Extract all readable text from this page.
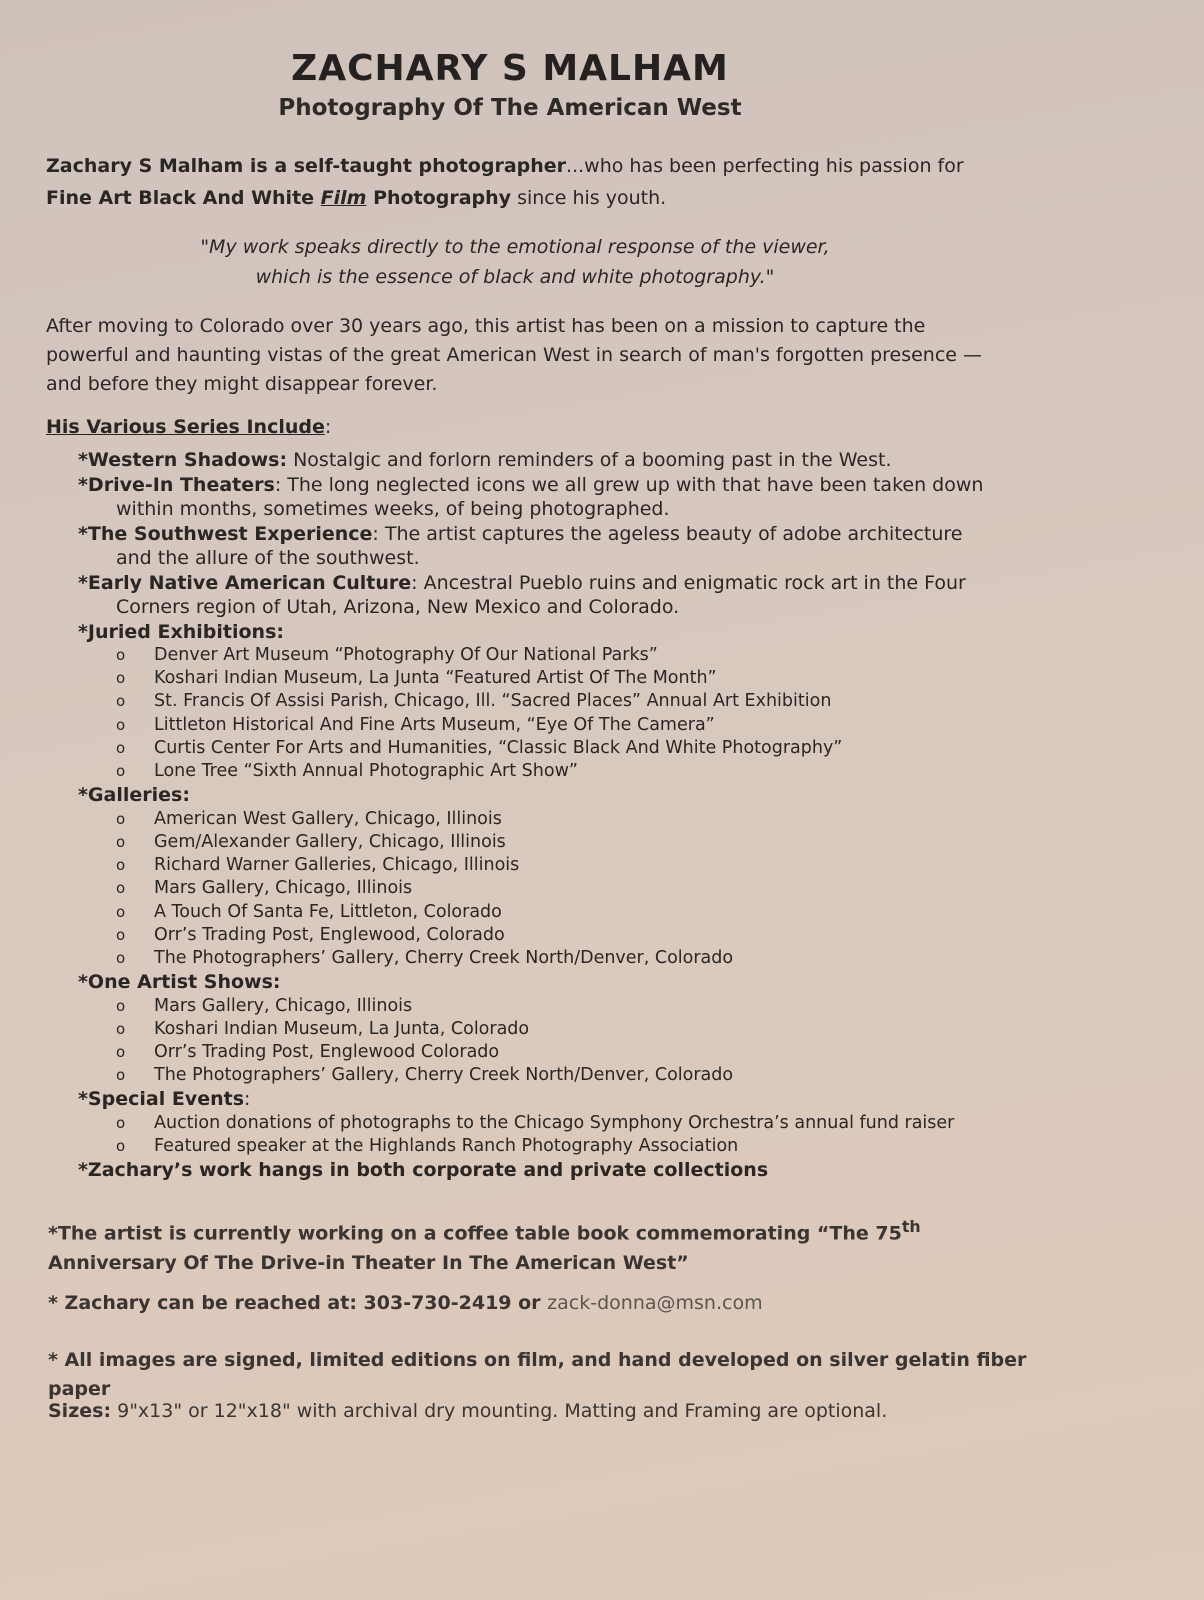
ZACHARY S MALHAM
Photography Of The American West
Zachary S Malham is a self-taught photographer...who has been perfecting his passion for
Fine Art Black And White Film Photography since his youth.
"My work speaks directly to the emotional response of the viewer,
which is the essence of black and white photography."
After moving to Colorado over 30 years ago, this artist has been on a mission to capture the powerful and haunting vistas of the great American West in search of man's forgotten presence — and before they might disappear forever.
His Various Series Include:
*Western Shadows: Nostalgic and forlorn reminders of a booming past in the West.
*Drive-In Theaters: The long neglected icons we all grew up with that have been taken down within months, sometimes weeks, of being photographed.
*The Southwest Experience: The artist captures the ageless beauty of adobe architecture and the allure of the southwest.
*Early Native American Culture: Ancestral Pueblo ruins and enigmatic rock art in the Four Corners region of Utah, Arizona, New Mexico and Colorado.
*Juried Exhibitions:
o	Denver Art Museum “Photography Of Our National Parks”
o	Koshari Indian Museum, La Junta “Featured Artist Of The Month”
o	St. Francis Of Assisi Parish, Chicago, Ill. “Sacred Places” Annual Art Exhibition
o	Littleton Historical And Fine Arts Museum, “Eye Of The Camera”
o	Curtis Center For Arts and Humanities, “Classic Black And White Photography”
o	Lone Tree “Sixth Annual Photographic Art Show”
*Galleries:
o	American West Gallery, Chicago, Illinois
o	Gem/Alexander Gallery, Chicago, Illinois
o	Richard Warner Galleries, Chicago, Illinois
o	Mars Gallery, Chicago, Illinois
o	A Touch Of Santa Fe, Littleton, Colorado
o	Orr’s Trading Post, Englewood, Colorado
o	The Photographers’ Gallery, Cherry Creek North/Denver, Colorado
*One Artist Shows:
o	Mars Gallery, Chicago, Illinois
o	Koshari Indian Museum, La Junta, Colorado
o	Orr’s Trading Post, Englewood Colorado
o	The Photographers’ Gallery, Cherry Creek North/Denver, Colorado
*Special Events:
o	Auction donations of photographs to the Chicago Symphony Orchestra’s annual fund raiser
o	Featured speaker at the Highlands Ranch Photography Association
*Zachary’s work hangs in both corporate and private collections
*The artist is currently working on a coffee table book commemorating “The 75th Anniversary Of The Drive-in Theater In The American West”
* Zachary can be reached at: 303-730-2419 or zack-donna@msn.com
* All images are signed, limited editions on film, and hand developed on silver gelatin fiber paper
Sizes: 9"x13" or 12"x18" with archival dry mounting. Matting and Framing are optional.
